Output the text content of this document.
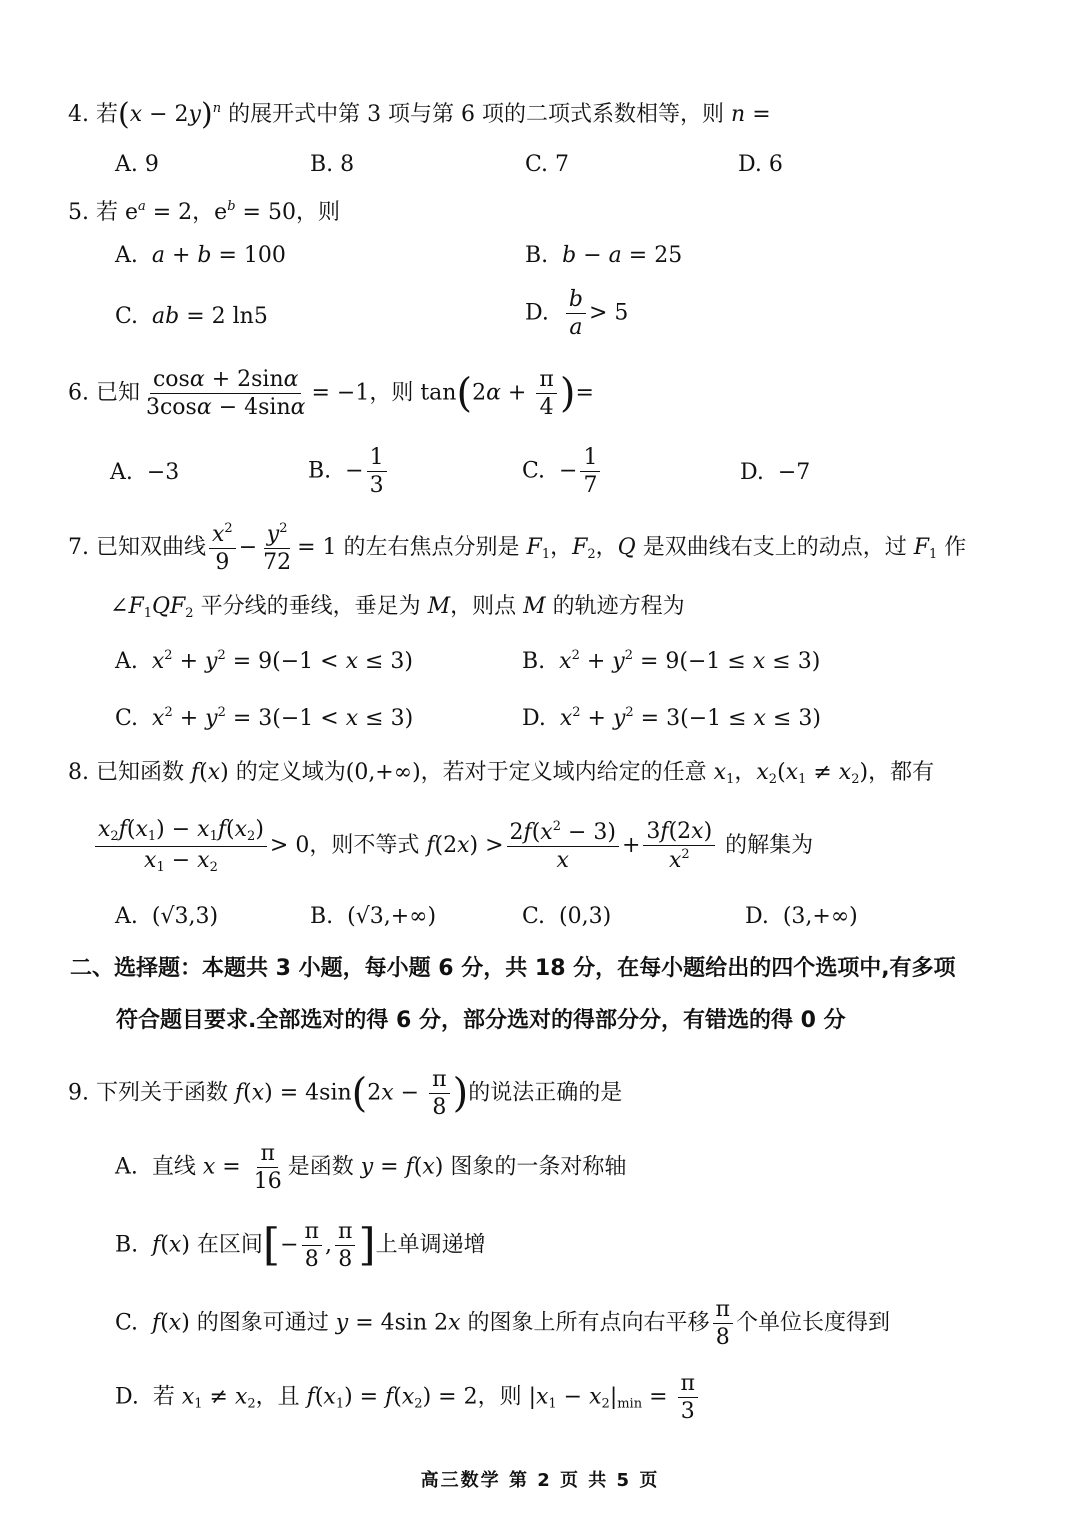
4. 若$(x - 2y)^n$ 的展开式中第 3 项与第 6 项的二项式系数相等，则 n =
A. 9	B. 8	C. 7	D. 6
5. 若 $e^a = 2$，$e^b = 50$，则
A.  a + b = 100	B.  b − a = 25
C.  ab = 2 ln5	D. $\frac{b}{a} > 5$
6. 已知 $\frac{\cos\alpha + 2\sin\alpha}{3\cos\alpha - 4\sin\alpha} = -1$，则 $\tan(2\alpha + \frac{\pi}{4}$ )=
A.  −3	B.  − $\frac{1}{3}$	C.  − $\frac{1}{7}$	D.  −7
7. 已知双曲线 $\frac{x^2}{9} - \frac{y^2}{72} = 1$ 的左右焦点分别是 $F_1$，$F_2$，Q 是双曲线右支上的动点，过 $F_1$ 作
$\angle F_1QF_2$ 平分线的垂线，垂足为 M，则点 M 的轨迹方程为
A.  $x^2 + y^2 = 9(-1 < x \le 3)$	B.  $x^2 + y^2 = 9(-1 \le x \le 3)$
C.  $x^2 + y^2 = 3(-1 < x \le 3)$	D.  $x^2 + y^2 = 3(-1 \le x \le 3)$
8. 已知函数 f(x) 的定义域为(0,+∞)，若对于定义域内给定的任意 $x_1$，$x_2(x_1 \ne x_2)$，都有
$\frac{x_2f(x_1) - x_1f(x_2)}{x_1 - x_2} > 0$，则不等式 $f(2x) > \frac{2f(x^2 - 3)}{x} + \frac{3f(2x)}{x^2}$ 的解集为
A.  (√3,3)	B.  (√3,+∞)	C.  (0,3)	D.  (3,+∞)
二、选择题：本题共 3 小题，每小题 6 分，共 18 分，在每小题给出的四个选项中,有多项
符合题目要求.全部选对的得 6 分，部分选对的得部分分，有错选的得 0 分
9. 下列关于函数 $f(x) = 4\sin(2x - \frac{\pi}{8}$ )的说法正确的是
A.  直线 $x = \frac{\pi}{16}$ 是函数 y = f(x) 图象的一条对称轴
B.  f(x) 在区间[− $\frac{\pi}{8}$ , $\frac{\pi}{8}$ ]上单调递增
C.  f(x) 的图象可通过 y = 4sin 2x 的图象上所有点向右平移 $\frac{\pi}{8}$ 个单位长度得到
D.  若 $x_1 \ne x_2$，且 $f(x_1) = f(x_2) = 2$，则 $|x_1 - x_2|_{min} = \frac{\pi}{3}$
高三数学 第 2 页 共 5 页
